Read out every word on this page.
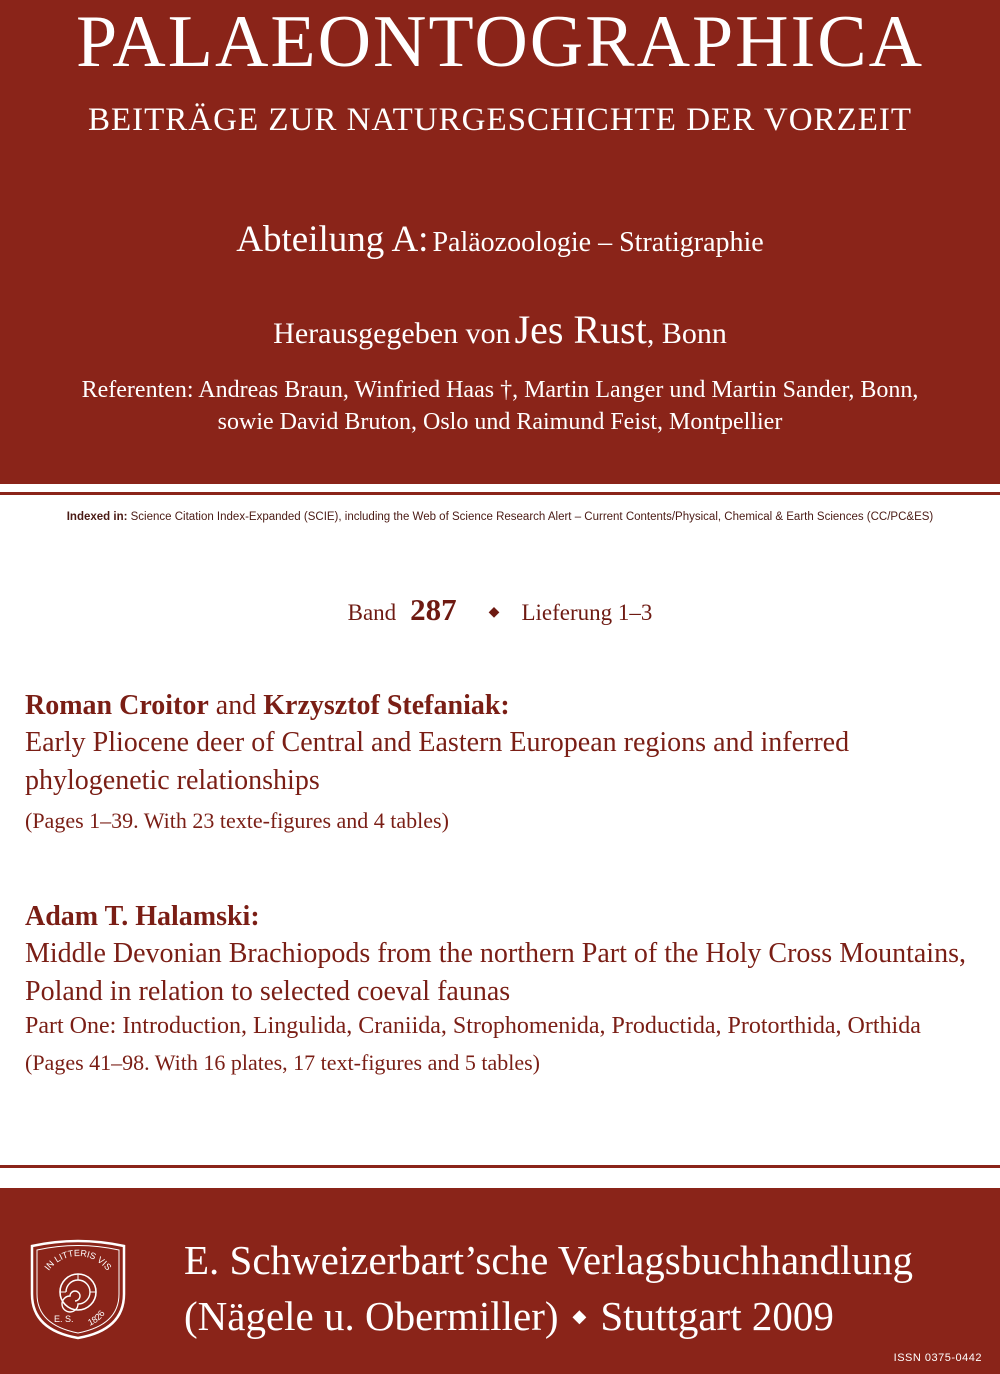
PALAEONTOGRAPHICA
BEITRÄGE ZUR NATURGESCHICHTE DER VORZEIT
Abteilung A: Paläozoologie – Stratigraphie
Herausgegeben von Jes Rust, Bonn
Referenten: Andreas Braun, Winfried Haas †, Martin Langer und Martin Sander, Bonn,
sowie David Bruton, Oslo und Raimund Feist, Montpellier
Indexed in: Science Citation Index-Expanded (SCIE), including the Web of Science Research Alert – Current Contents/Physical, Chemical & Earth Sciences (CC/PC&ES)
Band 287 ◆ Lieferung 1–3
Roman Croitor and Krzysztof Stefaniak:
Early Pliocene deer of Central and Eastern European regions and inferred phylogenetic relationships
(Pages 1–39. With 23 texte-figures and 4 tables)
Adam T. Halamski:
Middle Devonian Brachiopods from the northern Part of the Holy Cross Mountains, Poland in relation to selected coeval faunas
Part One: Introduction, Lingulida, Craniida, Strophomenida, Productida, Protorthida, Orthida
(Pages 41–98. With 16 plates, 17 text-figures and 5 tables)
IN LITTERIS VIS
E. S. 1826
E. Schweizerbart’sche Verlagsbuchhandlung
(Nägele u. Obermiller) ◆ Stuttgart 2009
ISSN 0375-0442
